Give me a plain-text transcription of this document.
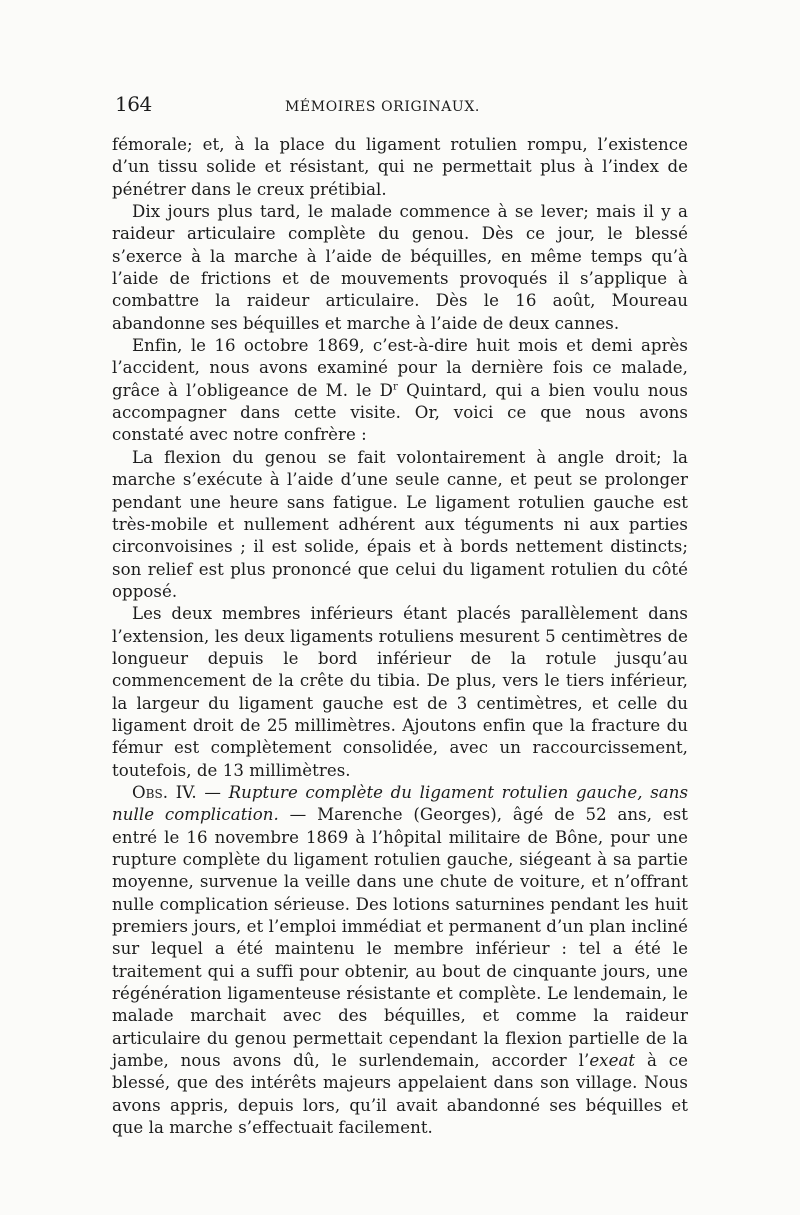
164	MÉMOIRES ORIGINAUX.

fémorale; et, à la place du ligament rotulien rompu, l’existence d’un tissu solide et résistant, qui ne permettait plus à l’index de pénétrer dans le creux prétibial.

Dix jours plus tard, le malade commence à se lever; mais il y a raideur articulaire complète du genou. Dès ce jour, le blessé s’exerce à la marche à l’aide de béquilles, en même temps qu’à l’aide de frictions et de mouvements provoqués il s’applique à combattre la raideur articulaire. Dès le 16 août, Moureau abandonne ses béquilles et marche à l’aide de deux cannes.

Enfin, le 16 octobre 1869, c’est-à-dire huit mois et demi après l’accident, nous avons examiné pour la dernière fois ce malade, grâce à l’obligeance de M. le $D^r$ Quintard, qui a bien voulu nous accompagner dans cette visite. Or, voici ce que nous avons constaté avec notre confrère :

La flexion du genou se fait volontairement à angle droit; la marche s’exécute à l’aide d’une seule canne, et peut se prolonger pendant une heure sans fatigue. Le ligament rotulien gauche est très-mobile et nullement adhérent aux téguments ni aux parties circonvoisines ; il est solide, épais et à bords nettement distincts; son relief est plus prononcé que celui du ligament rotulien du côté opposé.

Les deux membres inférieurs étant placés parallèlement dans l’extension, les deux ligaments rotuliens mesurent 5 centimètres de longueur depuis le bord inférieur de la rotule jusqu’au commencement de la crête du tibia. De plus, vers le tiers inférieur, la largeur du ligament gauche est de 3 centimètres, et celle du ligament droit de 25 millimètres. Ajoutons enfin que la fracture du fémur est complètement consolidée, avec un raccourcissement, toutefois, de 13 millimètres.

Obs. IV. — Rupture complète du ligament rotulien gauche, sans nulle complication. — Marenche (Georges), âgé de 52 ans, est entré le 16 novembre 1869 à l’hôpital militaire de Bône, pour une rupture complète du ligament rotulien gauche, siégeant à sa partie moyenne, survenue la veille dans une chute de voiture, et n’offrant nulle complication sérieuse. Des lotions saturnines pendant les huit premiers jours, et l’emploi immédiat et permanent d’un plan incliné sur lequel a été maintenu le membre inférieur : tel a été le traitement qui a suffi pour obtenir, au bout de cinquante jours, une régénération ligamenteuse résistante et complète. Le lendemain, le malade marchait avec des béquilles, et comme la raideur articulaire du genou permettait cependant la flexion partielle de la jambe, nous avons dû, le surlendemain, accorder l’exeat à ce blessé, que des intérêts majeurs appelaient dans son village. Nous avons appris, depuis lors, qu’il avait abandonné ses béquilles et que la marche s’effectuait facilement.
